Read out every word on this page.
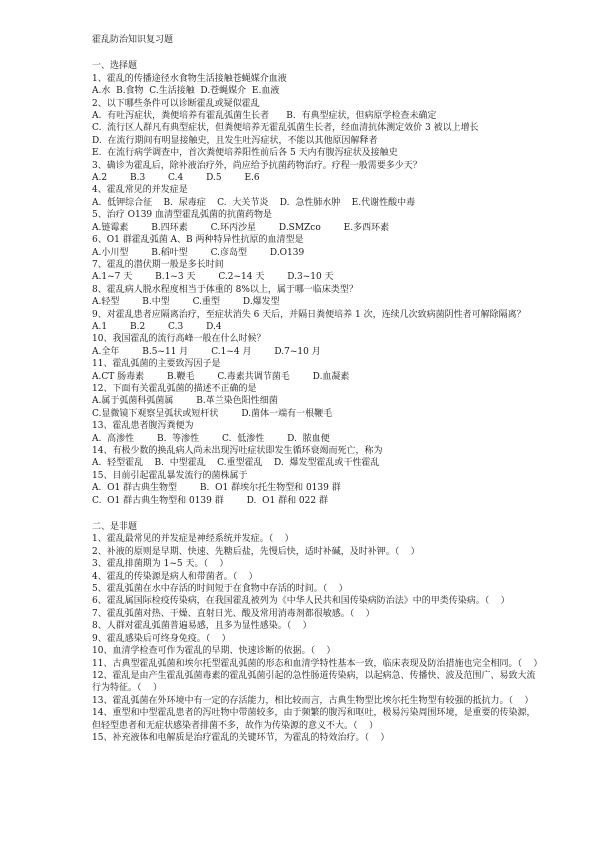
霍乱防治知识复习题
一、选择题
1、霍乱的传播途径水食物生活接触苍蝇媒介血液
A.水  B.食物  C.生活接触  D.苍蝇媒介  E.血液
2、以下哪些条件可以诊断霍乱或疑似霍乱
A.  有吐泻症状，粪便培养有霍乱弧菌生长者      B.  有典型症状，但病原学检查未确定
C.  流行区人群凡有典型症状，但粪便培养无霍乱弧菌生长者，经血清抗体测定效价 3 被以上增长
D.  在流行期间有明显接触史，且发生吐泻症状，不能以其他原因解释者
E.  在流行病学调查中，首次粪便培养阳性前后各 5 天内有腹泻症状及接触史
3、确诊为霍乱后，除补液治疗外，尚应给予抗菌药物治疗。疗程一般需要多少天？
A.2        B.3        C.4        D.5        E.6
4、霍乱常见的并发症是
A.  低钾综合征    B.  尿毒症    C.  大关节炎    D.  急性肺水肿    E.代谢性酸中毒
5、治疗 O139 血清型霍乱弧菌的抗菌药物是
A.链霉素        B.四环素        C.环丙沙星        D.SMZco        E.多西环素
6、O1 群霍乱弧菌 A、B 两种特异性抗原的血清型是
A.小川型        B.稻叶型        C.彦岛型        D.O139
7、霍乱的潜伏期一般是多长时间
A.1~7 天        B.1~3 天        C.2~14 天        D.3~10 天
8、霍乱病人脱水程度相当于体重的 8%以上，属于哪一临床类型？
A.轻型        B.中型        C.重型        D.爆发型
9、对霍乱患者应隔离治疗，至症状消失 6 天后，并隔日粪便培养 1 次，连续几次致病菌阴性者可解除隔离？
A.1        B.2        C.3        D.4
10、我国霍乱的流行高峰一般在什么时候？
A.全年        B.5~11 月        C.1~4 月        D.7~10 月
11、霍乱弧菌的主要致泻因子是
A.CT 肠毒素        B.鞭毛        C.毒素共调节菌毛        D.血凝素
12、下面有关霍乱弧菌的描述不正确的是
A.属于弧菌科弧菌属        B.革兰染色阳性细菌
C.显微镜下观察呈弧状或短杆状        D.菌体一端有一根鞭毛
13、霍乱患者腹泻粪便为
A.  高渗性        B.  等渗性        C.  低渗性        D.  脓血便
14、有极少数的换乱病人尚未出现泻吐症状即发生循环衰竭而死亡，称为
A.  轻型霍乱    B.  中型霍乱    C.重型霍乱    D.  爆发型霍乱或干性霍乱
15、目前引起霍乱暴发流行的菌株属于
A.  O1 群古典生物型        B.  O1 群埃尔托生物型和 0139 群
C.  O1 群古典生物型和 0139 群        D.  O1 群和 022 群
二、是非题
1、霍乱最常见的并发症是神经系统并发症。（    ）
2、补液的原则是早期、快速、先糖后盐，先慢后快，适时补碱，及时补钾。（    ）
3、霍乱排菌期为 1~5 天。（    ）
4、霍乱的传染源是病人和带菌者。（    ）
5、霍乱弧菌在水中存活的时间短于在食物中存活的时间。（    ）
6、霍乱属国际检疫传染病，在我国霍乱被列为《中华人民共和国传染病防治法》中的甲类传染病。（    ）
7、霍乱弧菌对热、干燥、直射日光、酸及常用消毒剂都很敏感。（    ）
8、人群对霍乱弧菌普遍易感，且多为显性感染。（    ）
9、霍乱感染后可终身免疫。（    ）
10、血清学检查可作为霍乱的早期、快速诊断的依据。（    ）
11、古典型霍乱弧菌和埃尔托型霍乱弧菌的形态和血清学特性基本一致，临床表现及防治措施也完全相同。（    ）
12、霍乱是由产生霍乱弧菌毒素的霍乱弧菌引起的急性肠道传染病，以起病急、传播快、波及范围广、易致大流行为特征。（    ）
13、霍乱弧菌在外环境中有一定的存活能力，相比较而言，古典生物型比埃尔托生物型有较强的抵抗力。（    ）
14、重型和中型霍乱患者的泻吐物中带菌较多，由于频繁的腹泻和呕吐，极易污染周围环境，是重要的传染源，但轻型患者和无症状感染者排菌不多，故作为传染源的意义不大。（    ）
15、补充液体和电解质是治疗霍乱的关键环节，为霍乱的特效治疗。（    ）
